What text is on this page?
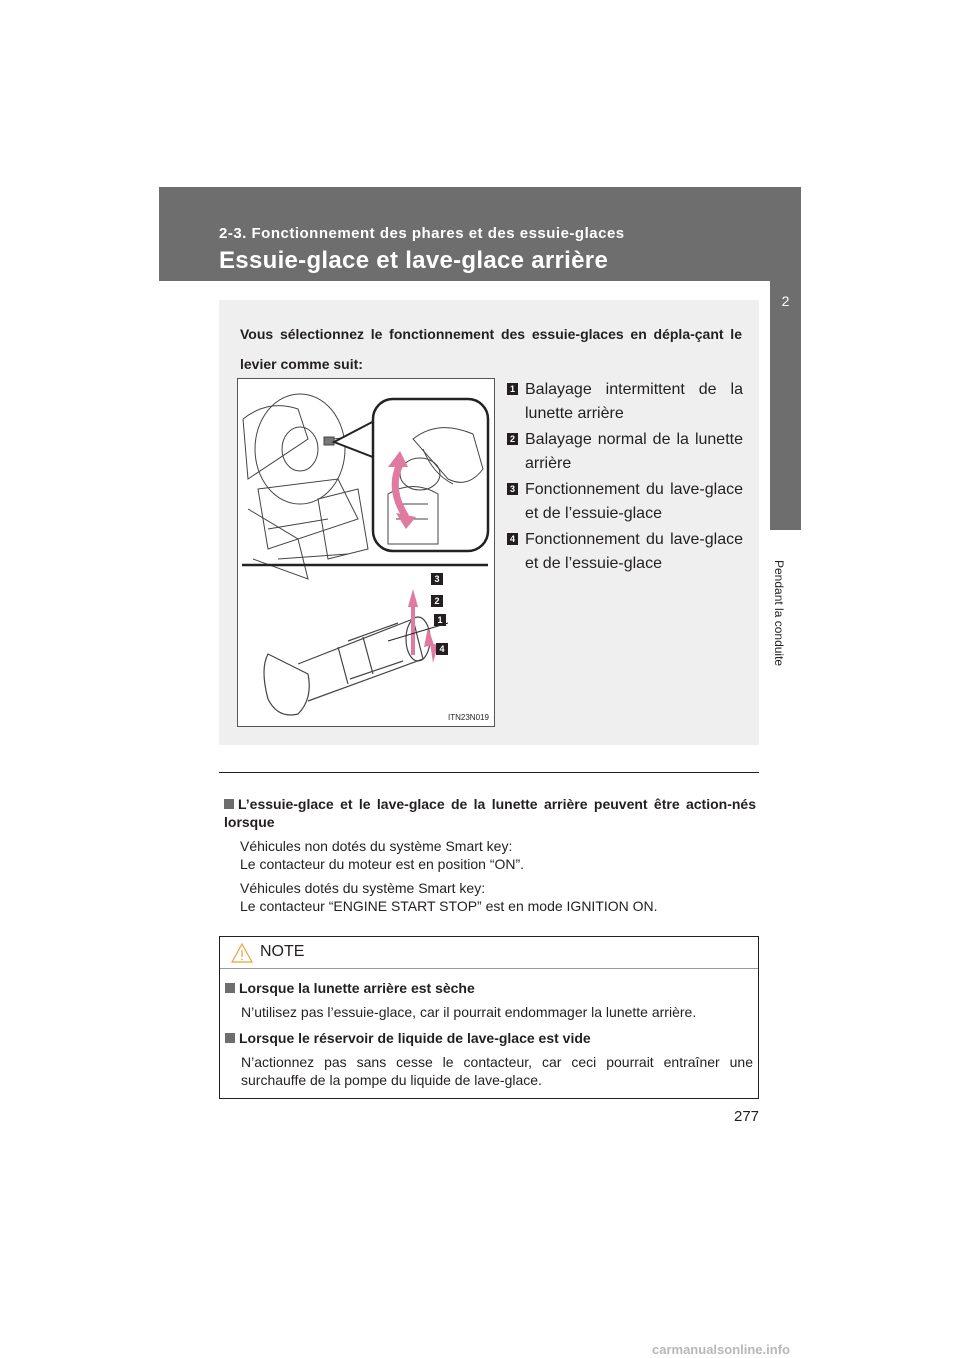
2-3. Fonctionnement des phares et des essuie-glaces
Essuie-glace et lave-glace arrière
2
Pendant la conduite
Vous sélectionnez le fonctionnement des essuie-glaces en dépla-çant le levier comme suit:
3
2
1
4
ITN23N019
1 Balayage intermittent de la lunette arrière
2 Balayage normal de la lunette arrière
3 Fonctionnement du lave-glace et de l’essuie-glace
4 Fonctionnement du lave-glace et de l’essuie-glace
L’essuie-glace et le lave-glace de la lunette arrière peuvent être action-nés lorsque
Véhicules non dotés du système Smart key:
Le contacteur du moteur est en position “ON”.
Véhicules dotés du système Smart key:
Le contacteur “ENGINE START STOP” est en mode IGNITION ON.
NOTE
Lorsque la lunette arrière est sèche
N’utilisez pas l’essuie-glace, car il pourrait endommager la lunette arrière.
Lorsque le réservoir de liquide de lave-glace est vide
N’actionnez pas sans cesse le contacteur, car ceci pourrait entraîner une surchauffe de la pompe du liquide de lave-glace.
277
carmanualsonline.info
